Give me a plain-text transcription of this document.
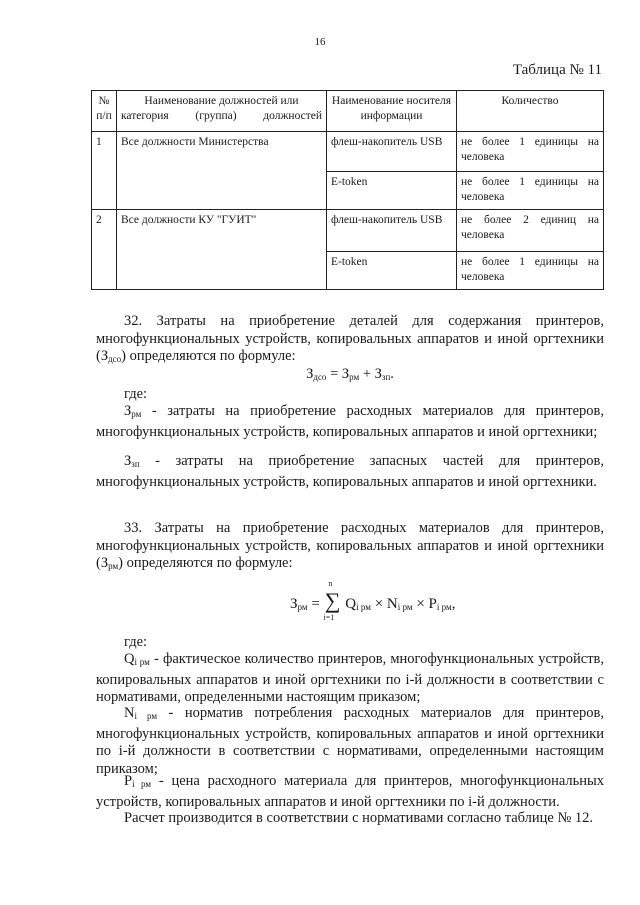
16
Таблица № 11
№ п/п	Наименование должностей или категория (группа) должностей	Наименование носителя информации	Количество
1	Все должности Министерства	флеш-накопитель USB	не более 1 единицы на человека
		E-token	не более 1 единицы на человека
2	Все должности КУ "ГУИТ"	флеш-накопитель USB	не более 2 единиц на человека
		E-token	не более 1 единицы на человека
32. Затраты на приобретение деталей для содержания принтеров, многофункциональных устройств, копировальных аппаратов и иной оргтехники $(З_{дсо})$ определяются по формуле:
$З_{дсо} = З_{рм} + З_{зп}$.
где:
$З_{рм}$ - затраты на приобретение расходных материалов для принтеров, многофункциональных устройств, копировальных аппаратов и иной оргтехники;
$З_{зп}$ - затраты на приобретение запасных частей для принтеров, многофункциональных устройств, копировальных аппаратов и иной оргтехники.
33. Затраты на приобретение расходных материалов для принтеров, многофункциональных устройств, копировальных аппаратов и иной оргтехники $(З_{рм})$ определяются по формуле:
$З_{рм}$ =
n
∑
i=1
$Q_{i рм} \times N_{i рм} \times P_{i рм}$,
где:
$Q_{i рм}$ - фактическое количество принтеров, многофункциональных устройств, копировальных аппаратов и иной оргтехники по i-й должности в соответствии с нормативами, определенными настоящим приказом;
$N_{i рм}$ - норматив потребления расходных материалов для принтеров, многофункциональных устройств, копировальных аппаратов и иной оргтехники по i-й должности в соответствии с нормативами, определенными настоящим приказом;
$P_{i рм}$ - цена расходного материала для принтеров, многофункциональных устройств, копировальных аппаратов и иной оргтехники по i-й должности.
Расчет производится в соответствии с нормативами согласно таблице № 12.
